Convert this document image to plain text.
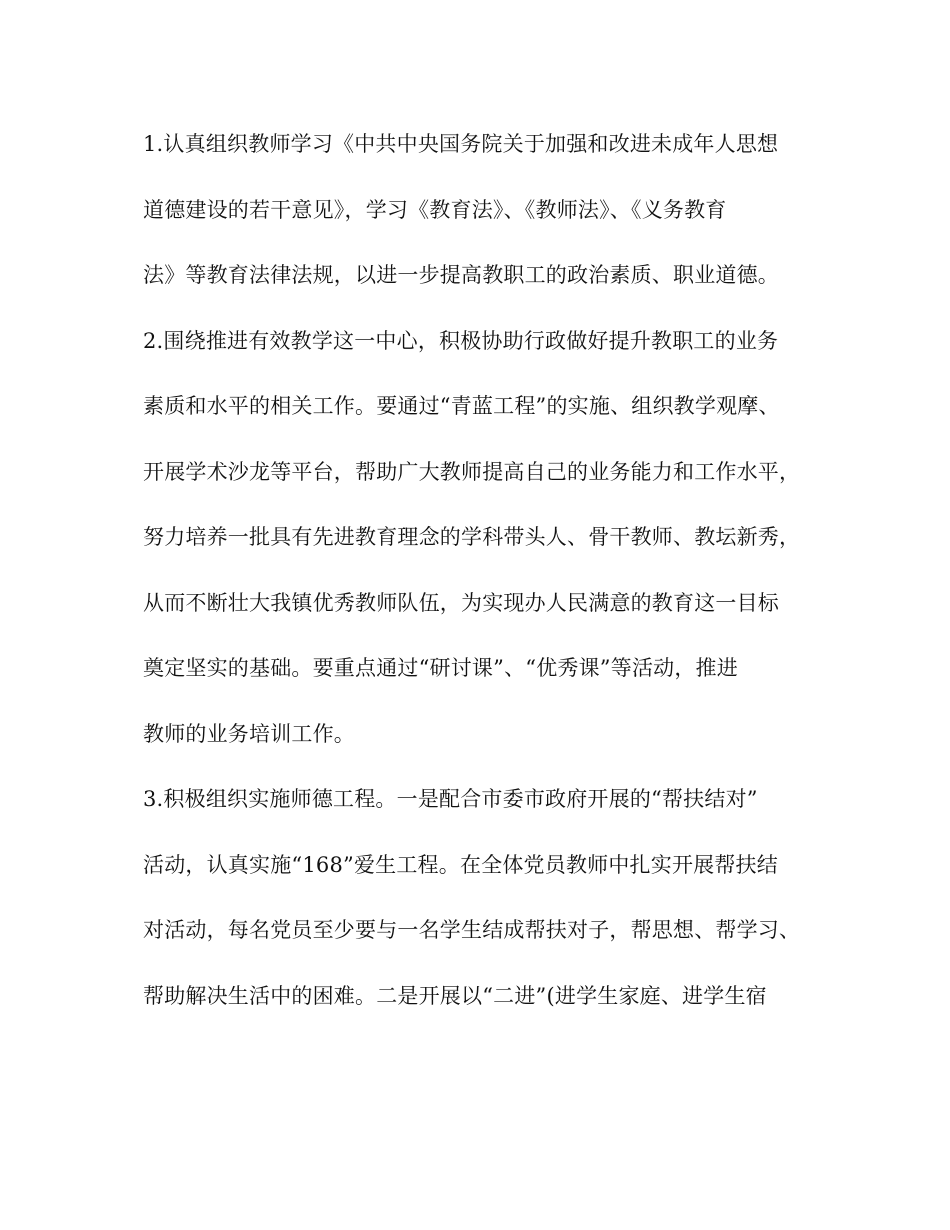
1.认真组织教师学习《中共中央国务院关于加强和改进未成年人思想
道德建设的若干意见》，学习《教育法》、《教师法》、《义务教育
法》等教育法律法规，以进一步提高教职工的政治素质、职业道德。
2.围绕推进有效教学这一中心，积极协助行政做好提升教职工的业务
素质和水平的相关工作。要通过“青蓝工程”的实施、组织教学观摩、
开展学术沙龙等平台，帮助广大教师提高自己的业务能力和工作水平，
努力培养一批具有先进教育理念的学科带头人、骨干教师、教坛新秀，
从而不断壮大我镇优秀教师队伍，为实现办人民满意的教育这一目标
奠定坚实的基础。要重点通过“研讨课”、“优秀课”等活动，推进
教师的业务培训工作。
3.积极组织实施师德工程。一是配合市委市政府开展的“帮扶结对”
活动，认真实施“168”爱生工程。在全体党员教师中扎实开展帮扶结
对活动，每名党员至少要与一名学生结成帮扶对子，帮思想、帮学习、
帮助解决生活中的困难。二是开展以“二进”(进学生家庭、进学生宿
